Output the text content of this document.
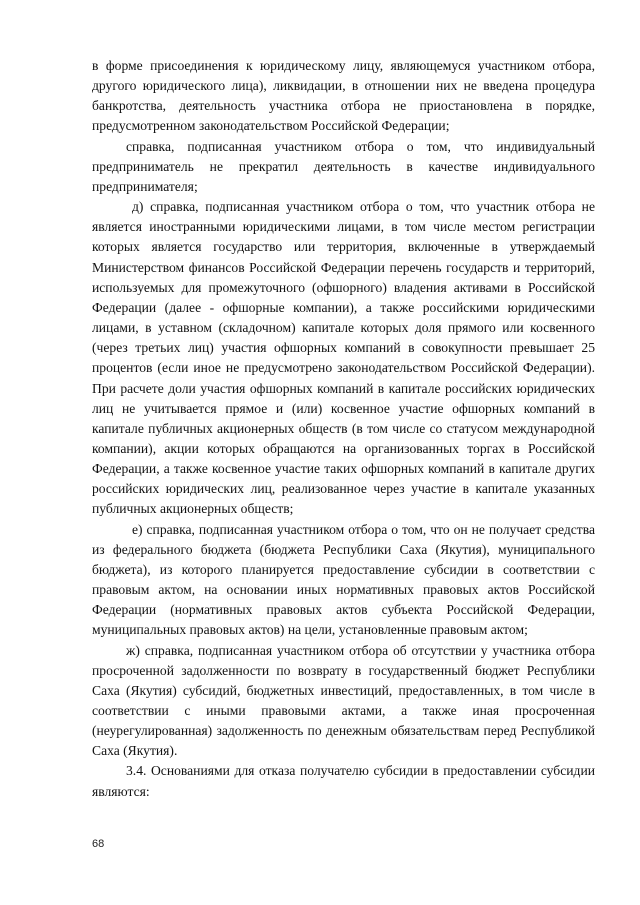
в форме присоединения к юридическому лицу, являющемуся участником отбора, другого юридического лица), ликвидации, в отношении них не введена процедура банкротства, деятельность участника отбора не приостановлена в порядке, предусмотренном законодательством Российской Федерации;

справка, подписанная участником отбора о том, что индивидуальный предприниматель не прекратил деятельность в качестве индивидуального предпринимателя;

д) справка, подписанная участником отбора о том, что участник отбора не является иностранными юридическими лицами, в том числе местом регистрации которых является государство или территория, включенные в утверждаемый Министерством финансов Российской Федерации перечень государств и территорий, используемых для промежуточного (офшорного) владения активами в Российской Федерации (далее - офшорные компании), а также российскими юридическими лицами, в уставном (складочном) капитале которых доля прямого или косвенного (через третьих лиц) участия офшорных компаний в совокупности превышает 25 процентов (если иное не предусмотрено законодательством Российской Федерации). При расчете доли участия офшорных компаний в капитале российских юридических лиц не учитывается прямое и (или) косвенное участие офшорных компаний в капитале публичных акционерных обществ (в том числе со статусом международной компании), акции которых обращаются на организованных торгах в Российской Федерации, а также косвенное участие таких офшорных компаний в капитале других российских юридических лиц, реализованное через участие в капитале указанных публичных акционерных обществ;

е) справка, подписанная участником отбора о том, что он не получает средства из федерального бюджета (бюджета Республики Саха (Якутия), муниципального бюджета), из которого планируется предоставление субсидии в соответствии с правовым актом, на основании иных нормативных правовых актов Российской Федерации (нормативных правовых актов субъекта Российской Федерации, муниципальных правовых актов) на цели, установленные правовым актом;

ж) справка, подписанная участником отбора об отсутствии у участника отбора просроченной задолженности по возврату в государственный бюджет Республики Саха (Якутия) субсидий, бюджетных инвестиций, предоставленных, в том числе в соответствии с иными правовыми актами, а также иная просроченная (неурегулированная) задолженность по денежным обязательствам перед Республикой Саха (Якутия).

3.4. Основаниями для отказа получателю субсидии в предоставлении субсидии являются:

68
